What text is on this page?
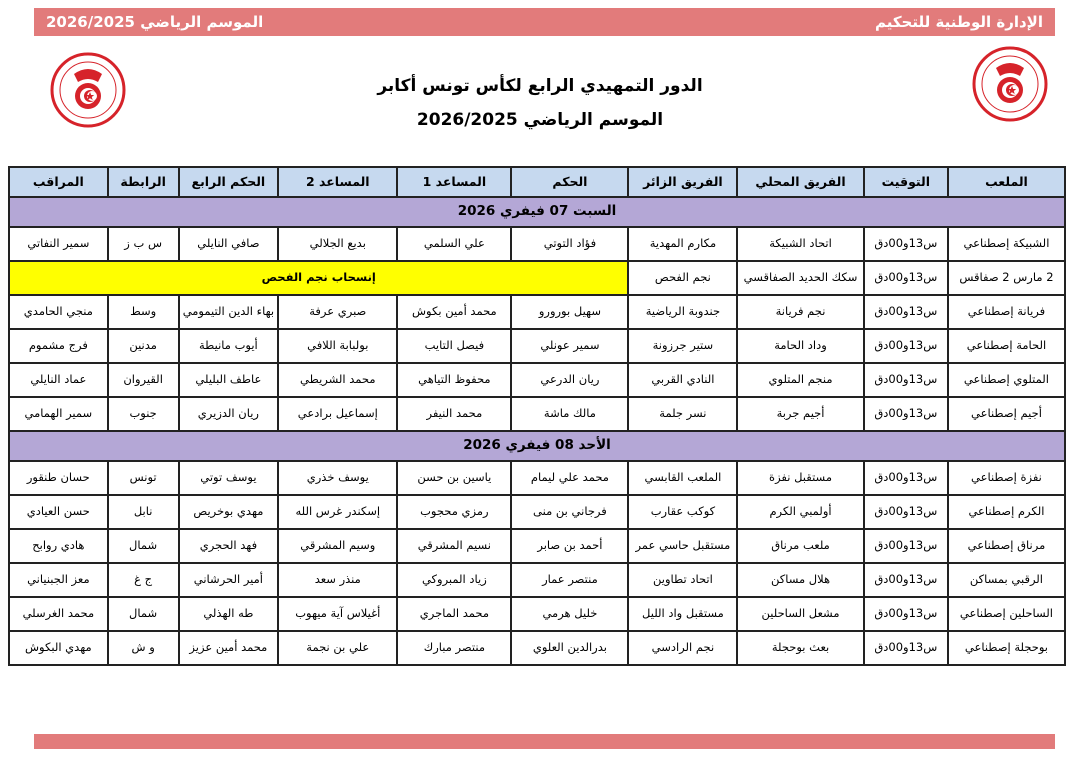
الموسم الرياضي 2026/2025	الإدارة الوطنية للتحكيم
الدور التمهيدي الرابع لكأس تونس أكابر
الموسم الرياضي 2026/2025
الملعب	التوقيت	الفريق المحلي	الفريق الزائر	الحكم	المساعد 1	المساعد 2	الحكم الرابع	الرابطة	المراقب
السبت 07 فيفري 2026									
الشبيكة إصطناعي	س13و00دق	اتحاد الشبيكة	مكارم المهدية	فؤاد التوتي	علي السلمي	بديع الجلالي	صافي النايلي	س ب ز	سمير النفاتي
2 مارس 2 صفاقس	س13و00دق	سكك الحديد الصفاقسي	نجم الفحص	إنسحاب نجم الفحص					
فريانة إصطناعي	س13و00دق	نجم فريانة	جندوبة الرياضية	سهيل بورورو	محمد أمين بكوش	صبري عرفة	بهاء الدين التيمومي	وسط	منجي الحامدي
الحامة إصطناعي	س13و00دق	وداد الحامة	ستير جرزونة	سمير عونلي	فيصل التايب	بولبابة اللافي	أيوب مانيطة	مدنين	فرج مشموم
المتلوي إصطناعي	س13و00دق	منجم المتلوي	النادي القربي	ريان الدرعي	محفوظ التياهي	محمد الشريطي	عاطف البليلي	القيروان	عماد النايلي
أجيم إصطناعي	س13و00دق	أجيم جربة	نسر جلمة	مالك ماشة	محمد النيفر	إسماعيل برادعي	ريان الدزيري	جنوب	سمير الهمامي
الأحد 08 فيفري 2026									
نفزة إصطناعي	س13و00دق	مستقبل نفزة	الملعب القابسي	محمد علي ليمام	ياسين بن حسن	يوسف خذري	يوسف توتي	تونس	حسان طنقور
الكرم إصطناعي	س13و00دق	أولمبي الكرم	كوكب عقارب	فرجاني بن منى	رمزي محجوب	إسكندر غرس الله	مهدي بوخريص	نابل	حسن العيادي
مرناق إصطناعي	س13و00دق	ملعب مرناق	مستقبل حاسي عمر	أحمد بن صابر	نسيم المشرقي	وسيم المشرقي	فهد الحجري	شمال	هادي روابح
الرقبي بمساكن	س13و00دق	هلال مساكن	اتحاد تطاوين	منتصر عمار	زياد المبروكي	منذر سعد	أمير الحرشاني	ج غ	معز الجبنياني
الساحلين إصطناعي	س13و00دق	مشعل الساحلين	مستقبل واد الليل	خليل هرمي	محمد الماجري	أغيلاس آية ميهوب	طه الهذلي	شمال	محمد الغرسلي
بوحجلة إصطناعي	س13و00دق	بعث بوحجلة	نجم الرادسي	بدرالدين العلوي	منتصر مبارك	علي بن نجمة	محمد أمين عزيز	و ش	مهدي البكوش
